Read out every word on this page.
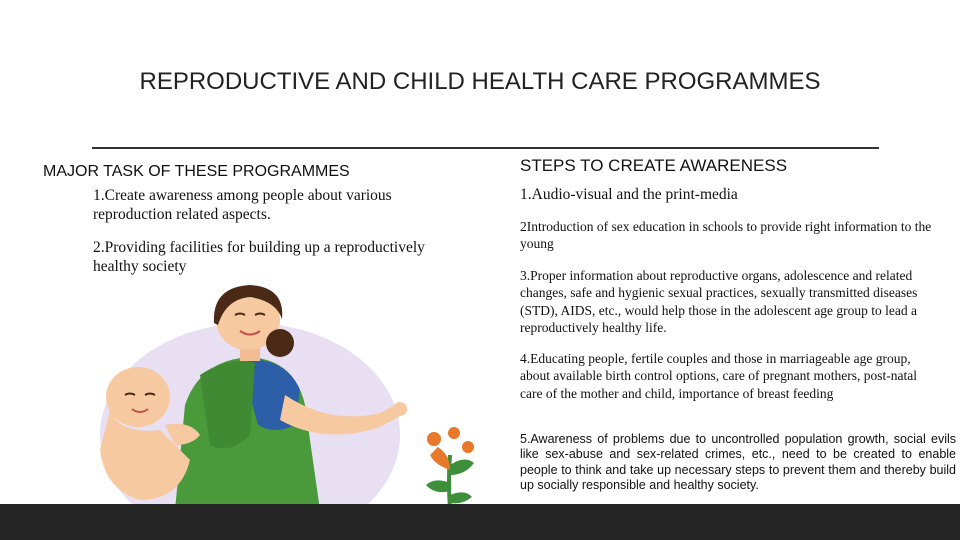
REPRODUCTIVE AND CHILD HEALTH CARE PROGRAMMES
MAJOR TASK OF THESE PROGRAMMES
1.Create awareness among people about various reproduction related aspects.
2.Providing facilities for building up a reproductively healthy society
STEPS TO CREATE AWARENESS
1.Audio-visual and the print-media
2Introduction of sex education in schools to provide right information to the young
3.Proper information about reproductive organs, adolescence and related changes, safe and hygienic sexual practices, sexually transmitted diseases (STD), AIDS, etc., would help those in the adolescent age group to lead a reproductively healthy life.
4.Educating people, fertile couples and those in marriageable age group, about available birth control options, care of pregnant mothers, post-natal care of the mother and child, importance of breast feeding
5.Awareness of problems due to uncontrolled population growth, social evils like sex-abuse and sex-related crimes, etc., need to be created to enable people to think and take up necessary steps to prevent them and thereby build up socially responsible and healthy society.
